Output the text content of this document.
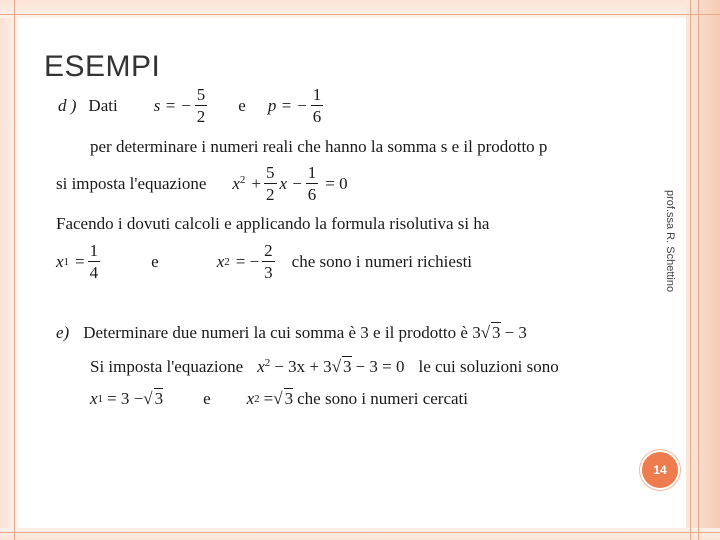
ESEMPI
prof.ssa R. Schettino
14
d ) Dati s = − $\frac{5}{2}$ e p = − $\frac{1}{6}$
per determinare i numeri reali che hanno la somma s e il prodotto p
si imposta l'equazione $x^2 + \frac{5}{2}$ $x - \frac{1}{6} = 0$
Facendo i dovuti calcoli e applicando la formula risolutiva si ha
x $1 = \frac{1}{4}$	e	x 2 = − $\frac{2}{3}$ che sono i numeri richiesti
e) Determinare due numeri la cui somma è 3 e il prodotto è 3 √ 3 − 3
Si imposta l'equazione $x^2 - 3x + 3$ √ 3 − 3 = 0 le cui soluzioni sono
x 1 = 3 − √ 3 e x 2 = √ 3 che sono i numeri cercati
